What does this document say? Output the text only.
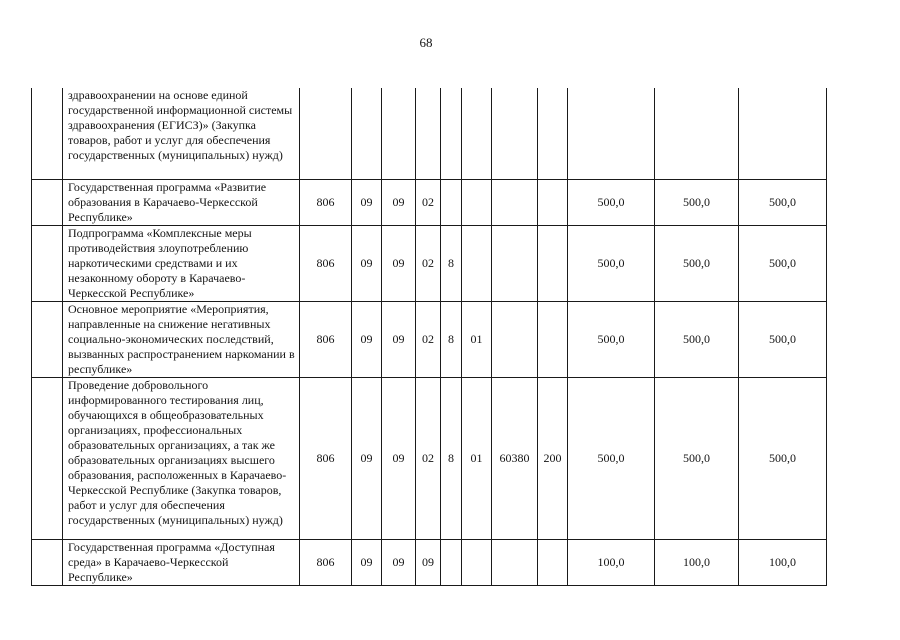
68
	здравоохранении на основе единой государственной информационной системы здравоохранения (ЕГИСЗ)» (Закупка товаров, работ и услуг для обеспечения государственных (муниципальных) нужд)											
	Государственная программа «Развитие образования в Карачаево-Черкесской Республике»	806	09	09	02					500,0	500,0	500,0
	Подпрограмма «Комплексные меры противодействия злоупотреблению наркотическими средствами и их незаконному обороту в Карачаево-Черкесской Республике»	806	09	09	02	8				500,0	500,0	500,0
	Основное мероприятие «Мероприятия, направленные на снижение негативных социально-экономических последствий, вызванных распространением наркомании в республике»	806	09	09	02	8	01			500,0	500,0	500,0
	Проведение добровольного информированного тестирования лиц, обучающихся в общеобразовательных организациях, профессиональных образовательных организациях, а так же образовательных организациях высшего образования, расположенных в Карачаево-Черкесской Республике (Закупка товаров, работ и услуг для обеспечения государственных (муниципальных) нужд)	806	09	09	02	8	01	60380	200	500,0	500,0	500,0
	Государственная программа «Доступная среда» в Карачаево-Черкесской Республике»	806	09	09	09					100,0	100,0	100,0
